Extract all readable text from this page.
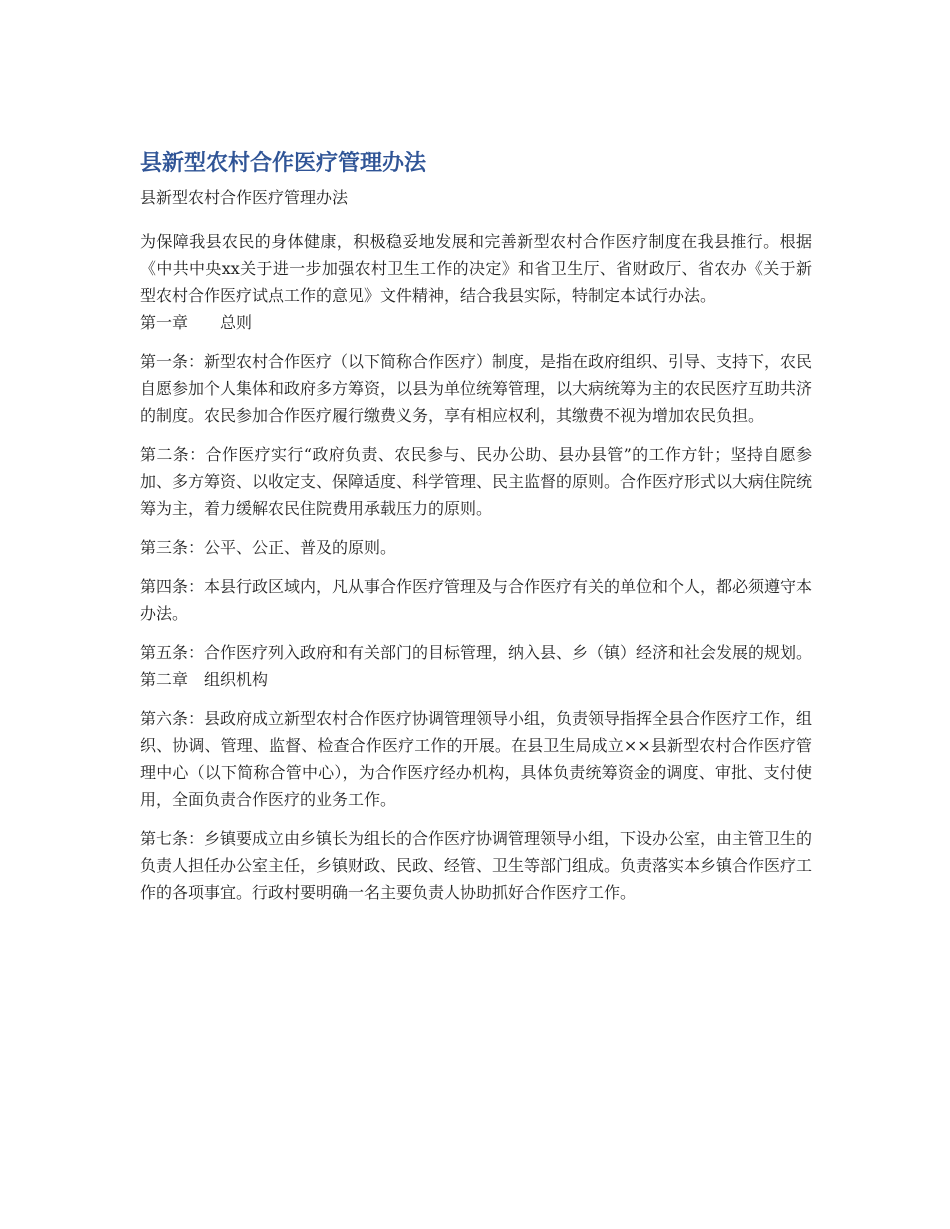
县新型农村合作医疗管理办法

县新型农村合作医疗管理办法

为保障我县农民的身体健康，积极稳妥地发展和完善新型农村合作医疗制度在我县推行。根据《中共中央xx关于进一步加强农村卫生工作的决定》和省卫生厅、省财政厅、省农办《关于新型农村合作医疗试点工作的意见》文件精神，结合我县实际，特制定本试行办法。

第一章　　总则

第一条：新型农村合作医疗（以下简称合作医疗）制度，是指在政府组织、引导、支持下，农民自愿参加个人集体和政府多方筹资，以县为单位统筹管理，以大病统筹为主的农民医疗互助共济的制度。农民参加合作医疗履行缴费义务，享有相应权利，其缴费不视为增加农民负担。

第二条：合作医疗实行“政府负责、农民参与、民办公助、县办县管”的工作方针；坚持自愿参加、多方筹资、以收定支、保障适度、科学管理、民主监督的原则。合作医疗形式以大病住院统筹为主，着力缓解农民住院费用承载压力的原则。

第三条：公平、公正、普及的原则。

第四条：本县行政区域内，凡从事合作医疗管理及与合作医疗有关的单位和个人，都必须遵守本办法。

第五条：合作医疗列入政府和有关部门的目标管理，纳入县、乡（镇）经济和社会发展的规划。

第二章　组织机构

第六条：县政府成立新型农村合作医疗协调管理领导小组，负责领导指挥全县合作医疗工作，组织、协调、管理、监督、检查合作医疗工作的开展。在县卫生局成立××县新型农村合作医疗管理中心（以下简称合管中心），为合作医疗经办机构，具体负责统筹资金的调度、审批、支付使用，全面负责合作医疗的业务工作。

第七条：乡镇要成立由乡镇长为组长的合作医疗协调管理领导小组，下设办公室，由主管卫生的负责人担任办公室主任，乡镇财政、民政、经管、卫生等部门组成。负责落实本乡镇合作医疗工作的各项事宜。行政村要明确一名主要负责人协助抓好合作医疗工作。
